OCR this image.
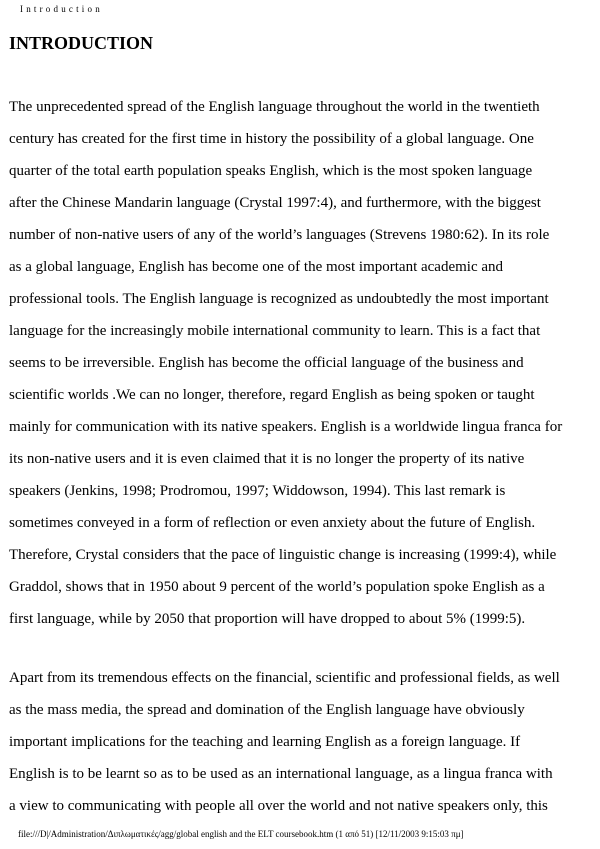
Introduction
INTRODUCTION

The unprecedented spread of the English language throughout the world in the twentieth
century has created for the first time in history the possibility of a global language. One
quarter of the total earth population speaks English, which is the most spoken language
after the Chinese Mandarin language (Crystal 1997:4), and furthermore, with the biggest
number of non-native users of any of the world’s languages (Strevens 1980:62). In its role
as a global language, English has become one of the most important academic and
professional tools. The English language is recognized as undoubtedly the most important
language for the increasingly mobile international community to learn. This is a fact that
seems to be irreversible. English has become the official language of the business and
scientific worlds .We can no longer, therefore, regard English as being spoken or taught
mainly for communication with its native speakers. English is a worldwide lingua franca for
its non-native users and it is even claimed that it is no longer the property of its native
speakers (Jenkins, 1998; Prodromou, 1997; Widdowson, 1994). This last remark is
sometimes conveyed in a form of reflection or even anxiety about the future of English.
Therefore, Crystal considers that the pace of linguistic change is increasing (1999:4), while
Graddol, shows that in 1950 about 9 percent of the world’s population spoke English as a
first language, while by 2050 that proportion will have dropped to about 5% (1999:5).

Apart from its tremendous effects on the financial, scientific and professional fields, as well
as the mass media, the spread and domination of the English language have obviously
important implications for the teaching and learning English as a foreign language. If
English is to be learnt so as to be used as an international language, as a lingua franca with
a view to communicating with people all over the world and not native speakers only, this

file:///D|/Administration/Διπλωματικές/agg/global english and the ELT coursebook.htm (1 από 51) [12/11/2003 9:15:03 πμ]
